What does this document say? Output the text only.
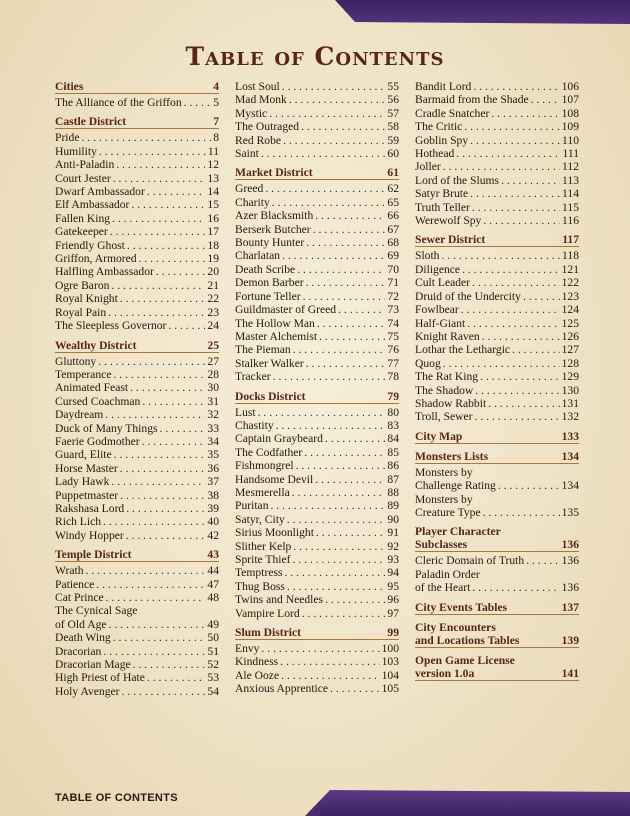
Table of Contents
Cities	4
The Alliance of the Griffon . . .	5
Castle District	7
Pride . . .	8
Humility . . .	11
Anti-Paladin . . .	12
Court Jester . . .	13
Dwarf Ambassador . . .	14
Elf Ambassador . . .	15
Fallen King . . .	16
Gatekeeper . . .	17
Friendly Ghost . . .	18
Griffon, Armored . . .	19
Halfling Ambassador . . .	20
Ogre Baron . . .	21
Royal Knight . . .	22
Royal Pain . . .	23
The Sleepless Governor . . .	24
Wealthy District	25
Gluttony . . .	27
Temperance . . .	28
Animated Feast . . .	30
Cursed Coachman . . .	31
Daydream . . .	32
Duck of Many Things . . .	33
Faerie Godmother . . .	34
Guard, Elite . . .	35
Horse Master . . .	36
Lady Hawk . . .	37
Puppetmaster . . .	38
Rakshasa Lord . . .	39
Rich Lich . . .	40
Windy Hopper . . .	42
Temple District	43
Wrath . . .	44
Patience . . .	47
Cat Prince . . .	48
The Cynical Sage
of Old Age . . .	49
Death Wing . . .	50
Dracorian . . .	51
Dracorian Mage . . .	52
High Priest of Hate . . .	53
Holy Avenger . . .	54
Lost Soul . . .	55
Mad Monk . . .	56
Mystic . . .	57
The Outraged . . .	58
Red Robe . . .	59
Saint . . .	60
Market District	61
Greed . . .	62
Charity . . .	65
Azer Blacksmith . . .	66
Berserk Butcher . . .	67
Bounty Hunter . . .	68
Charlatan . . .	69
Death Scribe . . .	70
Demon Barber . . .	71
Fortune Teller . . .	72
Guildmaster of Greed . . .	73
The Hollow Man . . .	74
Master Alchemist . . .	75
The Pieman . . .	76
Stalker Walker . . .	77
Tracker . . .	78
Docks District	79
Lust . . .	80
Chastity . . .	83
Captain Graybeard . . .	84
The Codfather . . .	85
Fishmongrel . . .	86
Handsome Devil . . .	87
Mesmerella . . .	88
Puritan . . .	89
Satyr, City . . .	90
Sirius Moonlight . . .	91
Slither Kelp . . .	92
Sprite Thief . . .	93
Temptress . . .	94
Thug Boss . . .	95
Twins and Needles . . .	96
Vampire Lord . . .	97
Slum District	99
Envy . . .	100
Kindness . . .	103
Ale Ooze . . .	104
Anxious Apprentice . . .	105
Bandit Lord . . .	106
Barmaid from the Shade . . .	107
Cradle Snatcher . . .	108
The Critic . . .	109
Goblin Spy . . .	110
Hothead . . .	111
Joller . . .	112
Lord of the Slums . . .	113
Satyr Brute . . .	114
Truth Teller . . .	115
Werewolf Spy . . .	116
Sewer District	117
Sloth . . .	118
Diligence . . .	121
Cult Leader . . .	122
Druid of the Undercity . . .	123
Fowlbear . . .	124
Half-Giant . . .	125
Knight Raven . . .	126
Lothar the Lethargic . . .	127
Quog . . .	128
The Rat King . . .	129
The Shadow . . .	130
Shadow Rabbit . . .	131
Troll, Sewer . . .	132
City Map	133
Monsters Lists	134
Monsters by
Challenge Rating . . .	134
Monsters by
Creature Type . . .	135
Player Character
Subclasses	136
Cleric Domain of Truth . . .	136
Paladin Order
of the Heart . . .	136
City Events Tables	137
City Encounters
and Locations Tables	139
Open Game License
version 1.0a	141
TABLE OF CONTENTS
